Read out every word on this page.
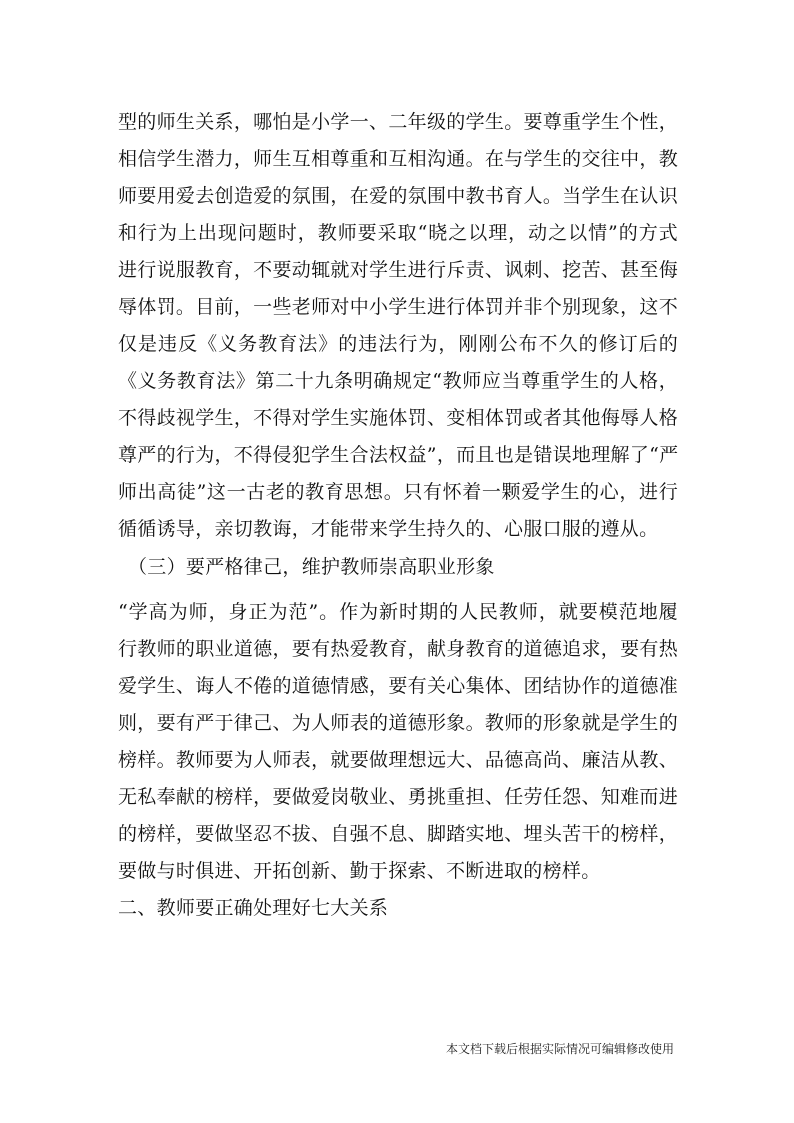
型的师生关系，哪怕是小学一、二年级的学生。要尊重学生个性，
相信学生潜力，师生互相尊重和互相沟通。在与学生的交往中，教
师要用爱去创造爱的氛围，在爱的氛围中教书育人。当学生在认识
和行为上出现问题时，教师要采取“晓之以理，动之以情”的方式
进行说服教育，不要动辄就对学生进行斥责、讽刺、挖苦、甚至侮
辱体罚。目前，一些老师对中小学生进行体罚并非个别现象，这不
仅是违反《义务教育法》的违法行为，刚刚公布不久的修订后的
《义务教育法》第二十九条明确规定“教师应当尊重学生的人格，
不得歧视学生，不得对学生实施体罚、变相体罚或者其他侮辱人格
尊严的行为，不得侵犯学生合法权益”，而且也是错误地理解了“严
师出高徒”这一古老的教育思想。只有怀着一颗爱学生的心，进行
循循诱导，亲切教诲，才能带来学生持久的、心服口服的遵从。
（三）要严格律己，维护教师崇高职业形象
“学高为师，身正为范”。作为新时期的人民教师，就要模范地履
行教师的职业道德，要有热爱教育，献身教育的道德追求，要有热
爱学生、诲人不倦的道德情感，要有关心集体、团结协作的道德准
则，要有严于律己、为人师表的道德形象。教师的形象就是学生的
榜样。教师要为人师表，就要做理想远大、品德高尚、廉洁从教、
无私奉献的榜样，要做爱岗敬业、勇挑重担、任劳任怨、知难而进
的榜样，要做坚忍不拔、自强不息、脚踏实地、埋头苦干的榜样，
要做与时俱进、开拓创新、勤于探索、不断进取的榜样。
二、教师要正确处理好七大关系
本文档下载后根据实际情况可编辑修改使用
